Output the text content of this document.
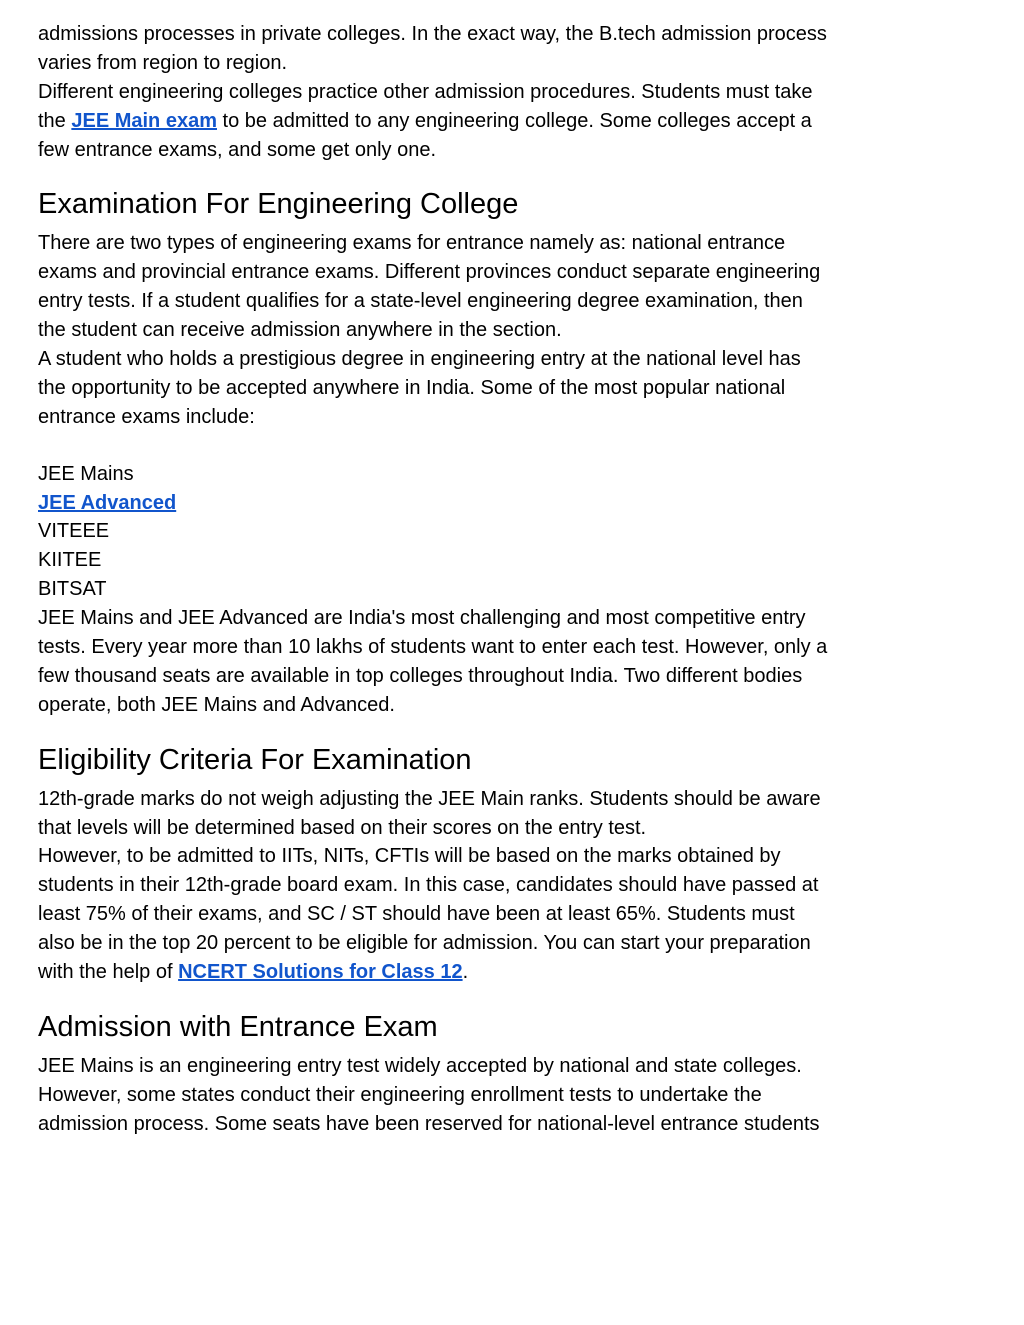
admissions processes in private colleges. In the exact way, the B.tech admission process

varies from region to region.

Different engineering colleges practice other admission procedures. Students must take

the JEE Main exam to be admitted to any engineering college. Some colleges accept a

few entrance exams, and some get only one.

Examination For Engineering College

There are two types of engineering exams for entrance namely as: national entrance

exams and provincial entrance exams. Different provinces conduct separate engineering

entry tests. If a student qualifies for a state-level engineering degree examination, then

the student can receive admission anywhere in the section.

A student who holds a prestigious degree in engineering entry at the national level has

the opportunity to be accepted anywhere in India. Some of the most popular national

entrance exams include:

JEE Mains

JEE Advanced

VITEEE

KIITEE

BITSAT

JEE Mains and JEE Advanced are India's most challenging and most competitive entry

tests. Every year more than 10 lakhs of students want to enter each test. However, only a

few thousand seats are available in top colleges throughout India. Two different bodies

operate, both JEE Mains and Advanced.

Eligibility Criteria For Examination

12th-grade marks do not weigh adjusting the JEE Main ranks. Students should be aware

that levels will be determined based on their scores on the entry test.

However, to be admitted to IITs, NITs, CFTIs will be based on the marks obtained by

students in their 12th-grade board exam. In this case, candidates should have passed at

least 75% of their exams, and SC / ST should have been at least 65%. Students must

also be in the top 20 percent to be eligible for admission. You can start your preparation

with the help of NCERT Solutions for Class 12.

Admission with Entrance Exam

JEE Mains is an engineering entry test widely accepted by national and state colleges.

However, some states conduct their engineering enrollment tests to undertake the

admission process. Some seats have been reserved for national-level entrance students
